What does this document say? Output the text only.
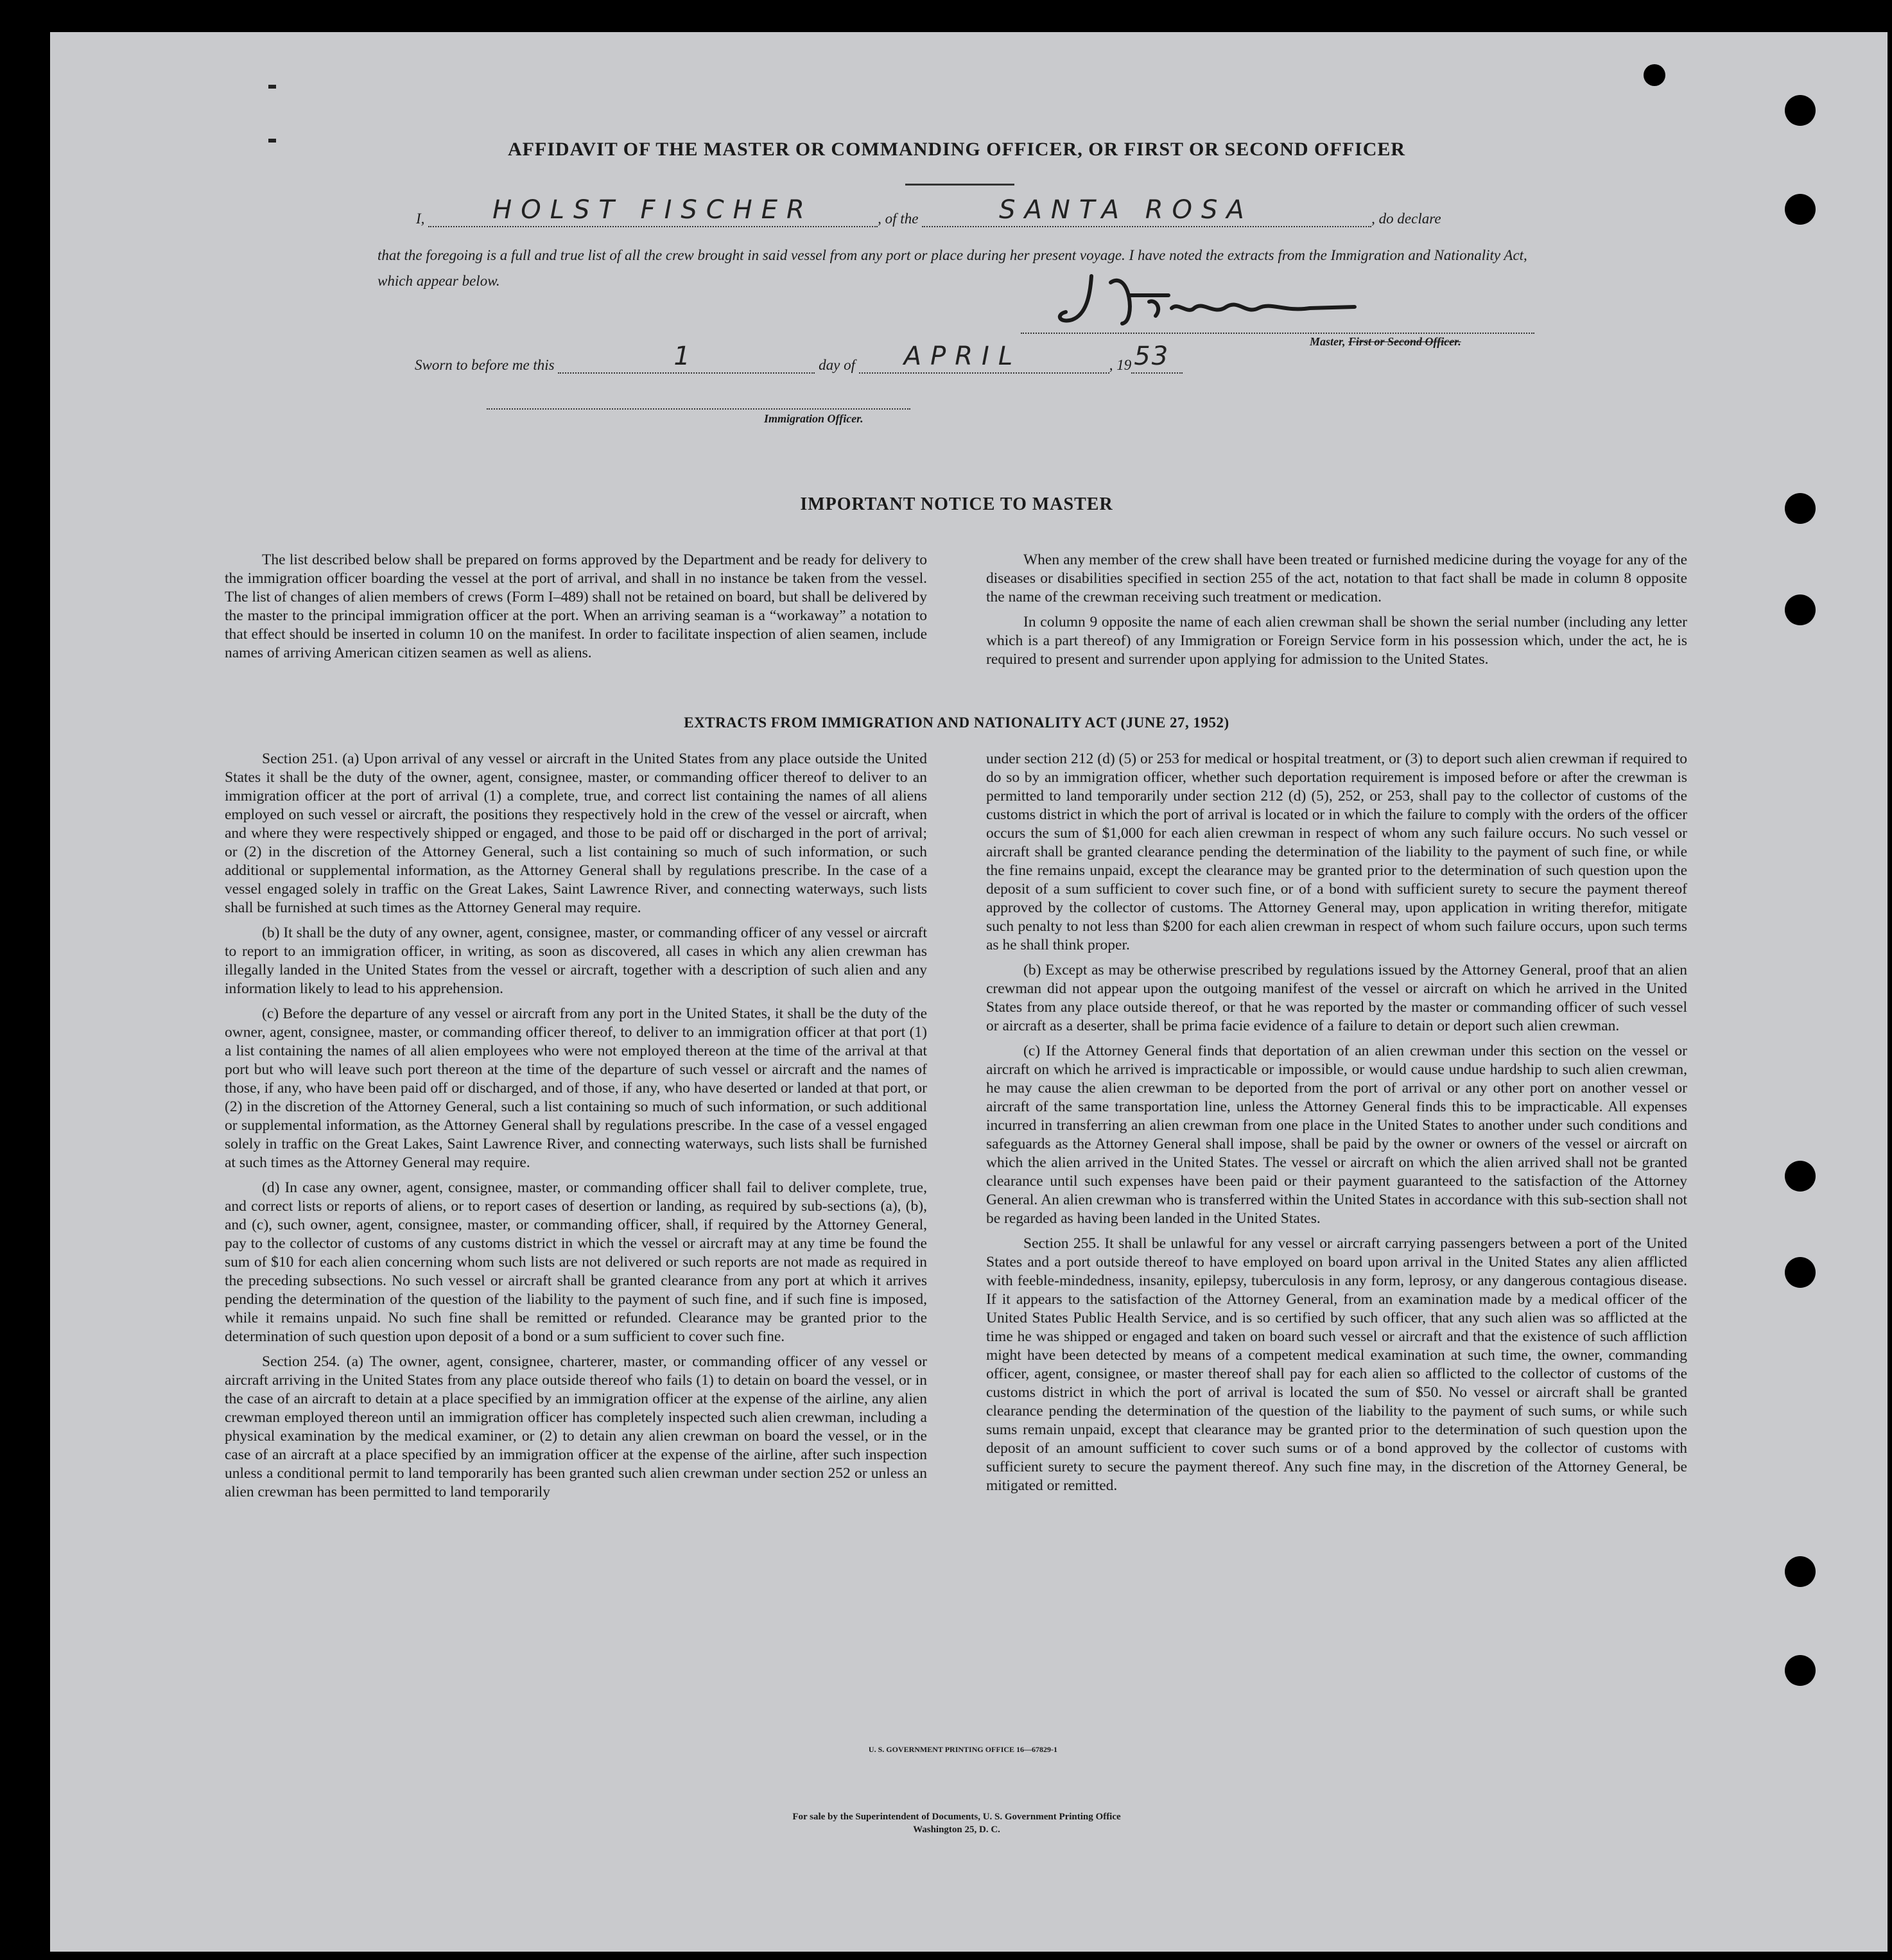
AFFIDAVIT OF THE MASTER OR COMMANDING OFFICER, OR FIRST OR SECOND OFFICER
I,	HOLST FISCHER	, of the	SANTA ROSA	, do declare
that the foregoing is a full and true list of all the crew brought in said vessel from any port or place during her present voyage. I have noted the extracts from the Immigration and Nationality Act, which appear below.
Master, First or Second Officer.
Sworn to before me this	1	day of APRIL	, 19 53
Immigration Officer.
IMPORTANT NOTICE TO MASTER

The list described below shall be prepared on forms approved by the Department and be ready for delivery to the immigration officer boarding the vessel at the port of arrival, and shall in no instance be taken from the vessel. The list of changes of alien members of crews (Form I–489) shall not be retained on board, but shall be delivered by the master to the principal immigration officer at the port. When an arriving seaman is a “workaway” a notation to that effect should be inserted in column 10 on the manifest. In order to facilitate inspection of alien seamen, include names of arriving American citizen seamen as well as aliens.

When any member of the crew shall have been treated or furnished medicine during the voyage for any of the diseases or disabilities specified in section 255 of the act, notation to that fact shall be made in column 8 opposite the name of the crewman receiving such treatment or medication.

In column 9 opposite the name of each alien crewman shall be shown the serial number (including any letter which is a part thereof) of any Immigration or Foreign Service form in his possession which, under the act, he is required to present and surrender upon applying for admission to the United States.

EXTRACTS FROM IMMIGRATION AND NATIONALITY ACT (JUNE 27, 1952)

Section 251. (a) Upon arrival of any vessel or aircraft in the United States from any place outside the United States it shall be the duty of the owner, agent, consignee, master, or commanding officer thereof to deliver to an immigration officer at the port of arrival (1) a complete, true, and correct list containing the names of all aliens employed on such vessel or aircraft, the positions they respectively hold in the crew of the vessel or aircraft, when and where they were respectively shipped or engaged, and those to be paid off or discharged in the port of arrival; or (2) in the discretion of the Attorney General, such a list containing so much of such information, or such additional or supplemental information, as the Attorney General shall by regulations prescribe. In the case of a vessel engaged solely in traffic on the Great Lakes, Saint Lawrence River, and connecting waterways, such lists shall be furnished at such times as the Attorney General may require.

(b) It shall be the duty of any owner, agent, consignee, master, or commanding officer of any vessel or aircraft to report to an immigration officer, in writing, as soon as discovered, all cases in which any alien crewman has illegally landed in the United States from the vessel or aircraft, together with a description of such alien and any information likely to lead to his apprehension.

(c) Before the departure of any vessel or aircraft from any port in the United States, it shall be the duty of the owner, agent, consignee, master, or commanding officer thereof, to deliver to an immigration officer at that port (1) a list containing the names of all alien employees who were not employed thereon at the time of the arrival at that port but who will leave such port thereon at the time of the departure of such vessel or aircraft and the names of those, if any, who have been paid off or discharged, and of those, if any, who have deserted or landed at that port, or (2) in the discretion of the Attorney General, such a list containing so much of such information, or such additional or supplemental information, as the Attorney General shall by regulations prescribe. In the case of a vessel engaged solely in traffic on the Great Lakes, Saint Lawrence River, and connecting waterways, such lists shall be furnished at such times as the Attorney General may require.

(d) In case any owner, agent, consignee, master, or commanding officer shall fail to deliver complete, true, and correct lists or reports of aliens, or to report cases of desertion or landing, as required by sub-sections (a), (b), and (c), such owner, agent, consignee, master, or commanding officer, shall, if required by the Attorney General, pay to the collector of customs of any customs district in which the vessel or aircraft may at any time be found the sum of $10 for each alien concerning whom such lists are not delivered or such reports are not made as required in the preceding subsections. No such vessel or aircraft shall be granted clearance from any port at which it arrives pending the determination of the question of the liability to the payment of such fine, and if such fine is imposed, while it remains unpaid. No such fine shall be remitted or refunded. Clearance may be granted prior to the determination of such question upon deposit of a bond or a sum sufficient to cover such fine.

Section 254. (a) The owner, agent, consignee, charterer, master, or commanding officer of any vessel or aircraft arriving in the United States from any place outside thereof who fails (1) to detain on board the vessel, or in the case of an aircraft to detain at a place specified by an immigration officer at the expense of the airline, any alien crewman employed thereon until an immigration officer has completely inspected such alien crewman, including a physical examination by the medical examiner, or (2) to detain any alien crewman on board the vessel, or in the case of an aircraft at a place specified by an immigration officer at the expense of the airline, after such inspection unless a conditional permit to land temporarily has been granted such alien crewman under section 252 or unless an alien crewman has been permitted to land temporarily

under section 212 (d) (5) or 253 for medical or hospital treatment, or (3) to deport such alien crewman if required to do so by an immigration officer, whether such deportation requirement is imposed before or after the crewman is permitted to land temporarily under section 212 (d) (5), 252, or 253, shall pay to the collector of customs of the customs district in which the port of arrival is located or in which the failure to comply with the orders of the officer occurs the sum of $1,000 for each alien crewman in respect of whom any such failure occurs. No such vessel or aircraft shall be granted clearance pending the determination of the liability to the payment of such fine, or while the fine remains unpaid, except the clearance may be granted prior to the determination of such question upon the deposit of a sum sufficient to cover such fine, or of a bond with sufficient surety to secure the payment thereof approved by the collector of customs. The Attorney General may, upon application in writing therefor, mitigate such penalty to not less than $200 for each alien crewman in respect of whom such failure occurs, upon such terms as he shall think proper.

(b) Except as may be otherwise prescribed by regulations issued by the Attorney General, proof that an alien crewman did not appear upon the outgoing manifest of the vessel or aircraft on which he arrived in the United States from any place outside thereof, or that he was reported by the master or commanding officer of such vessel or aircraft as a deserter, shall be prima facie evidence of a failure to detain or deport such alien crewman.

(c) If the Attorney General finds that deportation of an alien crewman under this section on the vessel or aircraft on which he arrived is impracticable or impossible, or would cause undue hardship to such alien crewman, he may cause the alien crewman to be deported from the port of arrival or any other port on another vessel or aircraft of the same transportation line, unless the Attorney General finds this to be impracticable. All expenses incurred in transferring an alien crewman from one place in the United States to another under such conditions and safeguards as the Attorney General shall impose, shall be paid by the owner or owners of the vessel or aircraft on which the alien arrived in the United States. The vessel or aircraft on which the alien arrived shall not be granted clearance until such expenses have been paid or their payment guaranteed to the satisfaction of the Attorney General. An alien crewman who is transferred within the United States in accordance with this sub-section shall not be regarded as having been landed in the United States.

Section 255. It shall be unlawful for any vessel or aircraft carrying passengers between a port of the United States and a port outside thereof to have employed on board upon arrival in the United States any alien afflicted with feeble-mindedness, insanity, epilepsy, tuberculosis in any form, leprosy, or any dangerous contagious disease. If it appears to the satisfaction of the Attorney General, from an examination made by a medical officer of the United States Public Health Service, and is so certified by such officer, that any such alien was so afflicted at the time he was shipped or engaged and taken on board such vessel or aircraft and that the existence of such affliction might have been detected by means of a competent medical examination at such time, the owner, commanding officer, agent, consignee, or master thereof shall pay for each alien so afflicted to the collector of customs of the customs district in which the port of arrival is located the sum of $50. No vessel or aircraft shall be granted clearance pending the determination of the question of the liability to the payment of such sums, or while such sums remain unpaid, except that clearance may be granted prior to the determination of such question upon the deposit of an amount sufficient to cover such sums or of a bond approved by the collector of customs with sufficient surety to secure the payment thereof. Any such fine may, in the discretion of the Attorney General, be mitigated or remitted.

U. S. GOVERNMENT PRINTING OFFICE 16—67829-1
For sale by the Superintendent of Documents, U. S. Government Printing Office
Washington 25, D. C.
